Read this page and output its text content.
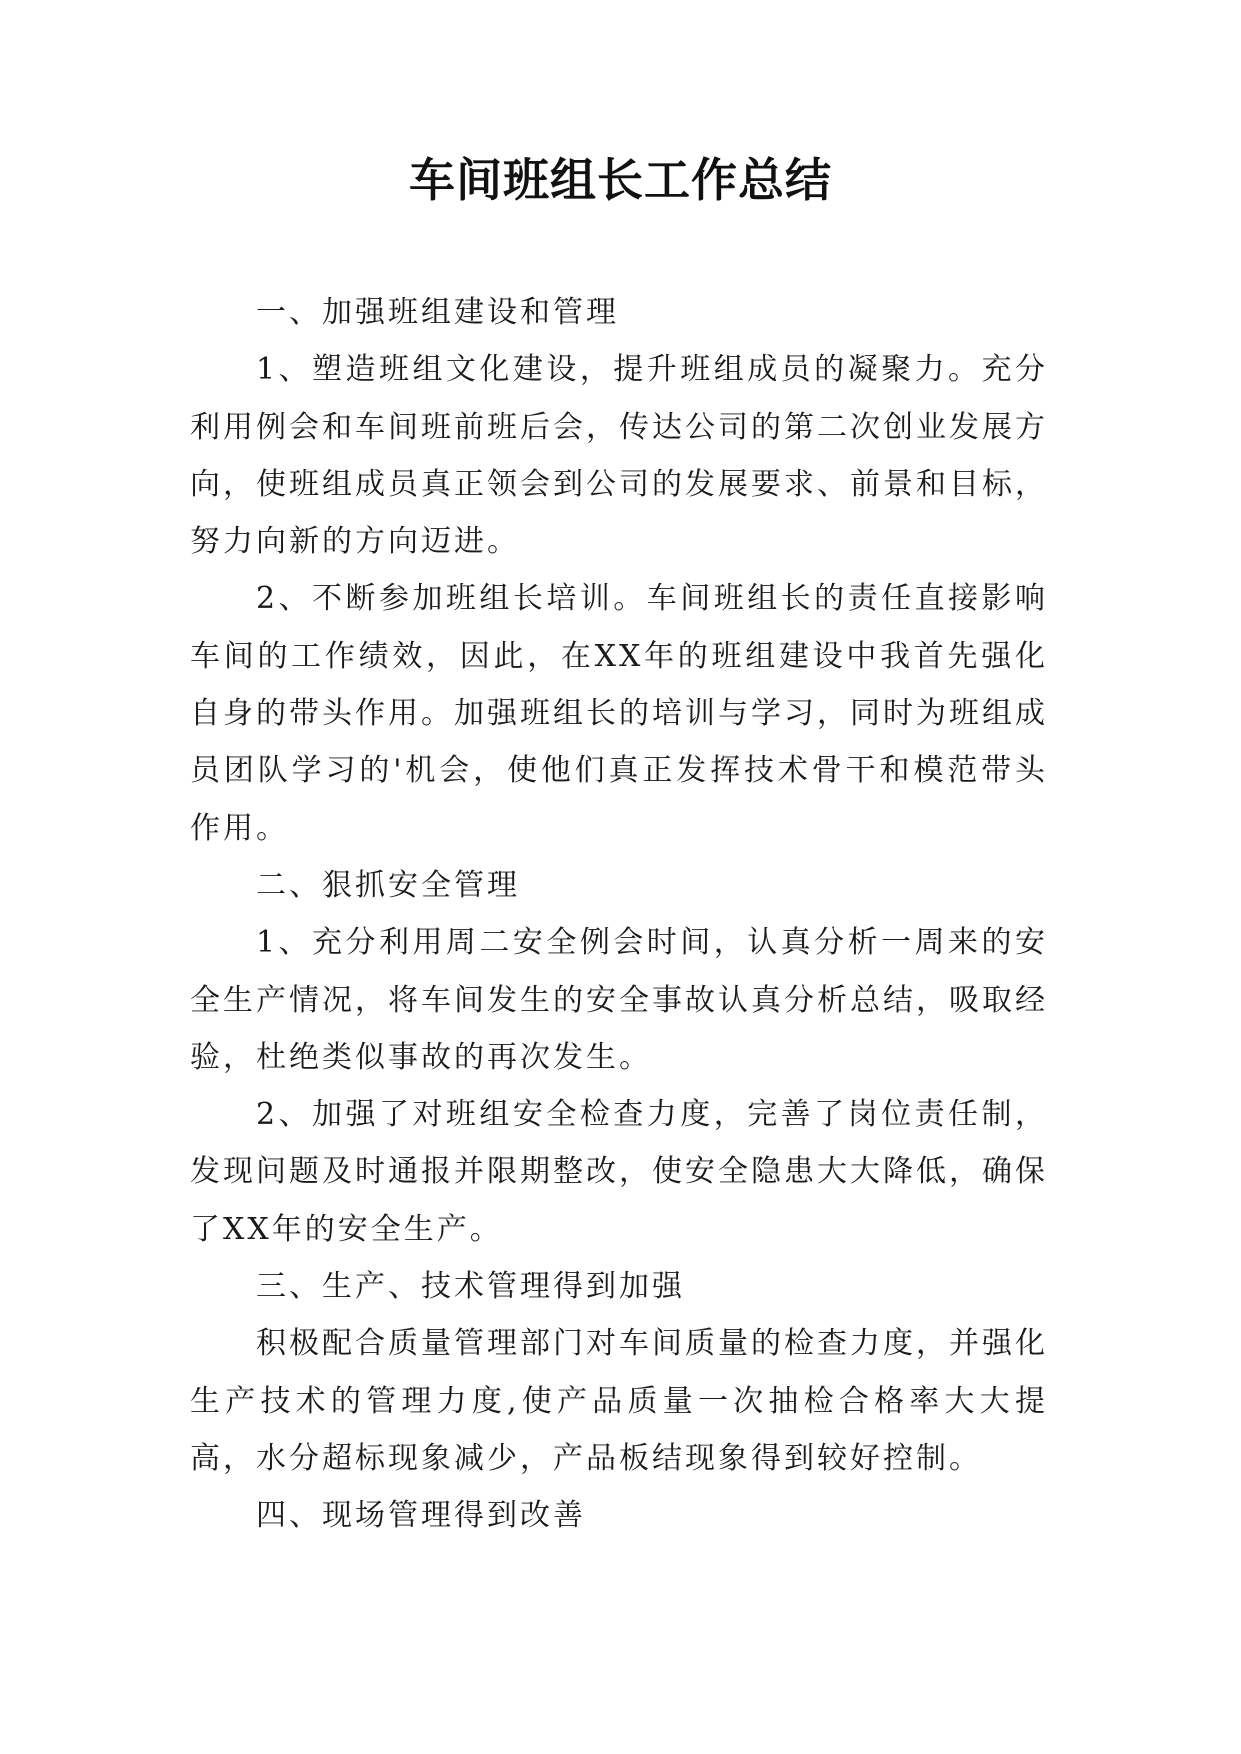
车间班组长工作总结

一、加强班组建设和管理

1、塑造班组文化建设，提升班组成员的凝聚力。充分利用例会和车间班前班后会，传达公司的第二次创业发展方向，使班组成员真正领会到公司的发展要求、前景和目标，努力向新的方向迈进。

2、不断参加班组长培训。车间班组长的责任直接影响车间的工作绩效，因此，在XX年的班组建设中我首先强化自身的带头作用。加强班组长的培训与学习，同时为班组成员团队学习的'机会，使他们真正发挥技术骨干和模范带头作用。

二、狠抓安全管理

1、充分利用周二安全例会时间，认真分析一周来的安全生产情况，将车间发生的安全事故认真分析总结，吸取经验，杜绝类似事故的再次发生。

2、加强了对班组安全检查力度，完善了岗位责任制，发现问题及时通报并限期整改，使安全隐患大大降低，确保了XX年的安全生产。

三、生产、技术管理得到加强

积极配合质量管理部门对车间质量的检查力度，并强化生产技术的管理力度,使产品质量一次抽检合格率大大提高，水分超标现象减少，产品板结现象得到较好控制。

四、现场管理得到改善
